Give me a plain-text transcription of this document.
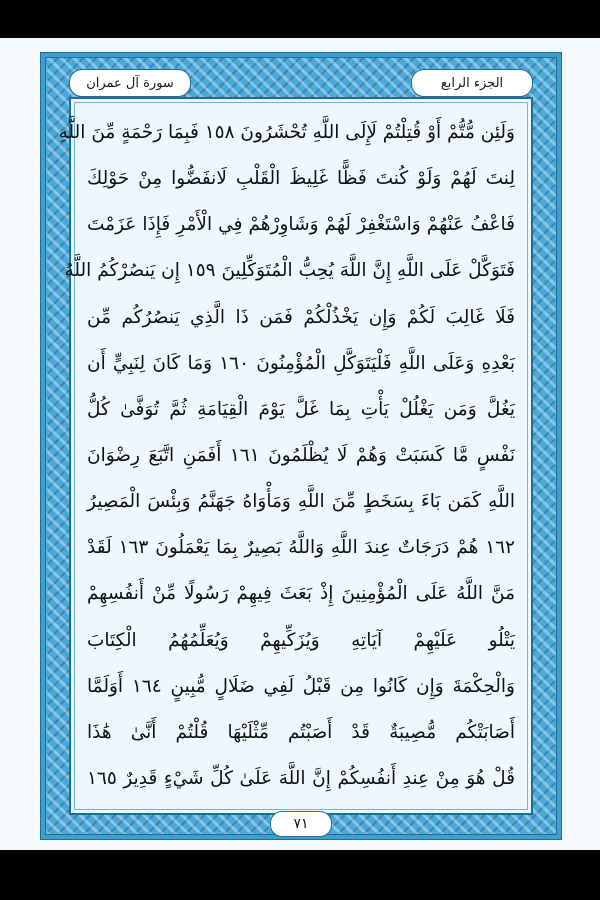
الجزء الرابع
سورة آل عمران
وَلَئِن مُّتُّمْ أَوْ قُتِلْتُمْ لَإِلَى اللَّهِ تُحْشَرُونَ ١٥٨ فَبِمَا رَحْمَةٍ مِّنَ اللَّهِ
لِنتَ لَهُمْ وَلَوْ كُنتَ فَظًّا غَلِيظَ الْقَلْبِ لَانفَضُّوا مِنْ حَوْلِكَ
فَاعْفُ عَنْهُمْ وَاسْتَغْفِرْ لَهُمْ وَشَاوِرْهُمْ فِي الْأَمْرِ فَإِذَا عَزَمْتَ
فَتَوَكَّلْ عَلَى اللَّهِ إِنَّ اللَّهَ يُحِبُّ الْمُتَوَكِّلِينَ ١٥٩ إِن يَنصُرْكُمُ اللَّهُ
فَلَا غَالِبَ لَكُمْ وَإِن يَخْذُلْكُمْ فَمَن ذَا الَّذِي يَنصُرُكُم مِّن
بَعْدِهِ وَعَلَى اللَّهِ فَلْيَتَوَكَّلِ الْمُؤْمِنُونَ ١٦٠ وَمَا كَانَ لِنَبِيٍّ أَن
يَغُلَّ وَمَن يَغْلُلْ يَأْتِ بِمَا غَلَّ يَوْمَ الْقِيَامَةِ ثُمَّ تُوَفَّىٰ كُلُّ
نَفْسٍ مَّا كَسَبَتْ وَهُمْ لَا يُظْلَمُونَ ١٦١ أَفَمَنِ اتَّبَعَ رِضْوَانَ
اللَّهِ كَمَن بَاءَ بِسَخَطٍ مِّنَ اللَّهِ وَمَأْوَاهُ جَهَنَّمُ وَبِئْسَ الْمَصِيرُ
١٦٢ هُمْ دَرَجَاتٌ عِندَ اللَّهِ وَاللَّهُ بَصِيرٌ بِمَا يَعْمَلُونَ ١٦٣ لَقَدْ
مَنَّ اللَّهُ عَلَى الْمُؤْمِنِينَ إِذْ بَعَثَ فِيهِمْ رَسُولًا مِّنْ أَنفُسِهِمْ
يَتْلُو عَلَيْهِمْ آيَاتِهِ وَيُزَكِّيهِمْ وَيُعَلِّمُهُمُ الْكِتَابَ
وَالْحِكْمَةَ وَإِن كَانُوا مِن قَبْلُ لَفِي ضَلَالٍ مُّبِينٍ ١٦٤ أَوَلَمَّا
أَصَابَتْكُم مُّصِيبَةٌ قَدْ أَصَبْتُم مِّثْلَيْهَا قُلْتُمْ أَنَّىٰ هَٰذَا
قُلْ هُوَ مِنْ عِندِ أَنفُسِكُمْ إِنَّ اللَّهَ عَلَىٰ كُلِّ شَيْءٍ قَدِيرٌ ١٦٥
٧١
